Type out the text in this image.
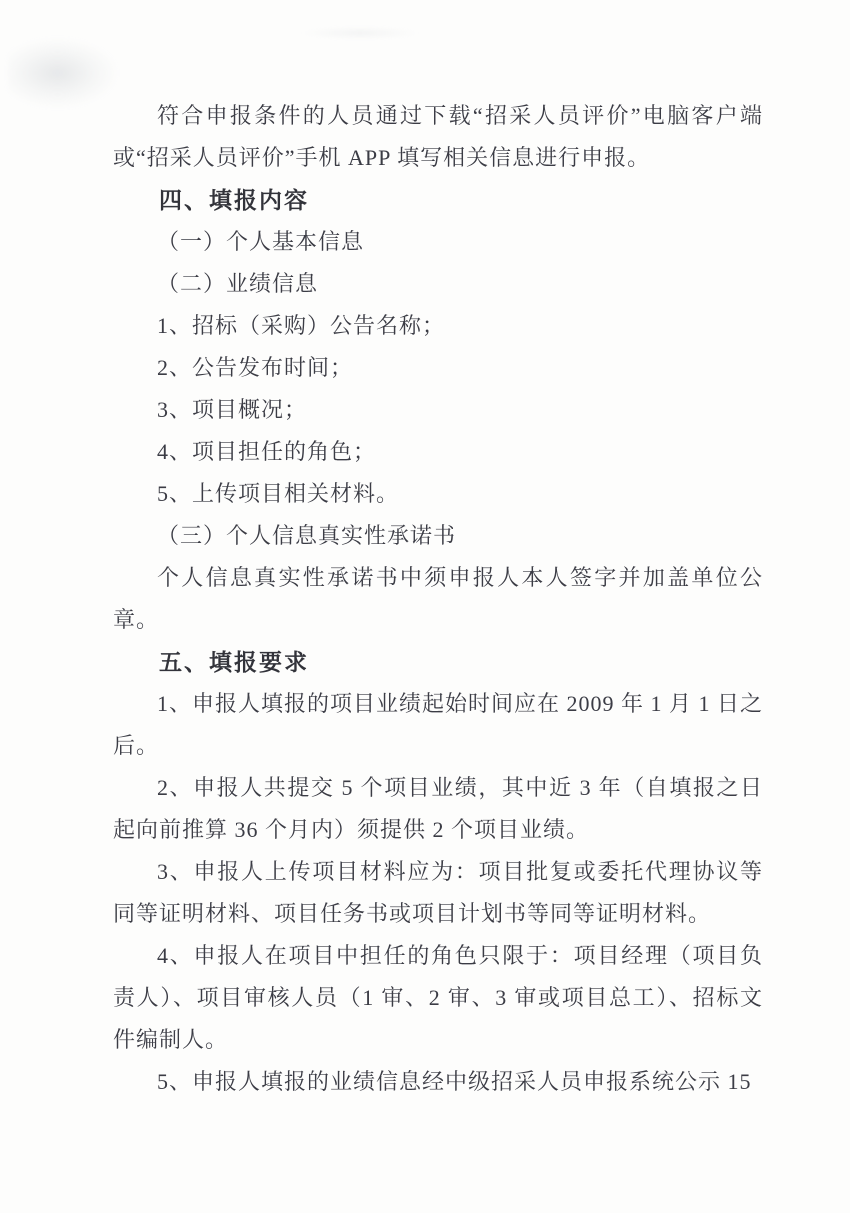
符合申报条件的人员通过下载“招采人员评价”电脑客户端或“招采人员评价”手机 APP 填写相关信息进行申报。

四、填报内容

（一）个人基本信息

（二）业绩信息

1、招标（采购）公告名称；

2、公告发布时间；

3、项目概况；

4、项目担任的角色；

5、上传项目相关材料。

（三）个人信息真实性承诺书

个人信息真实性承诺书中须申报人本人签字并加盖单位公章。

五、填报要求

1、申报人填报的项目业绩起始时间应在 2009 年 1 月 1 日之后。

2、申报人共提交 5 个项目业绩，其中近 3 年（自填报之日起向前推算 36 个月内）须提供 2 个项目业绩。

3、申报人上传项目材料应为：项目批复或委托代理协议等同等证明材料、项目任务书或项目计划书等同等证明材料。

4、申报人在项目中担任的角色只限于：项目经理（项目负责人）、项目审核人员（1 审、2 审、3 审或项目总工）、招标文件编制人。

5、申报人填报的业绩信息经中级招采人员申报系统公示 15
